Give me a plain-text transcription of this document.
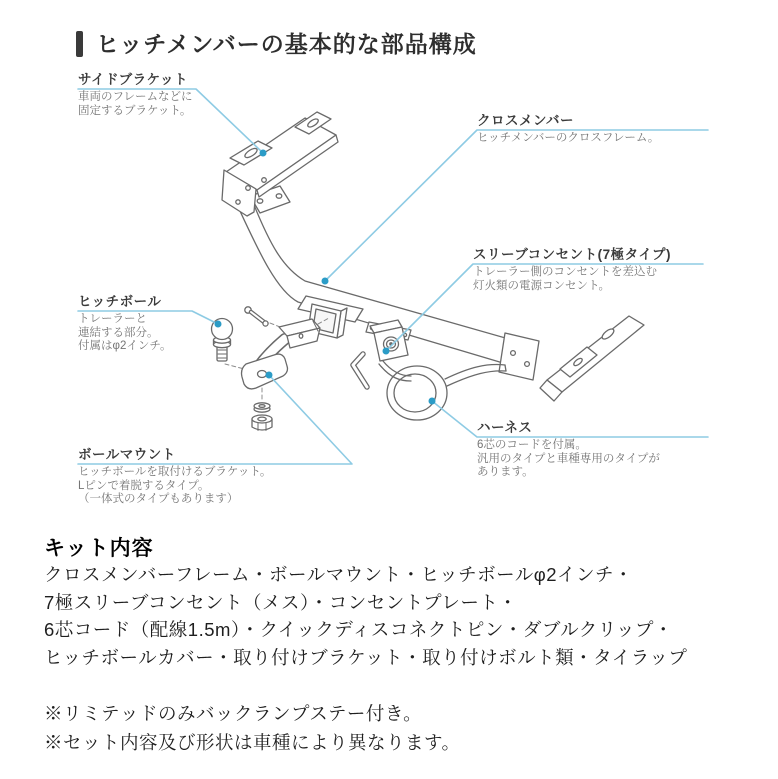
ヒッチメンバーの基本的な部品構成
サイドブラケット
車両のフレームなどに
固定するブラケット。
クロスメンバー
ヒッチメンバーのクロスフレーム。
スリーブコンセント(7極タイプ)
トレーラー側のコンセントを差込む
灯火類の電源コンセント。
ヒッチボール
トレーラーと
連結する部分。
付属はφ2インチ。
ハーネス
6芯のコードを付属。
汎用のタイプと車種専用のタイプが
あります。
ボールマウント
ヒッチボールを取付けるブラケット。
Lピンで着脱するタイプ。
（一体式のタイプもあります）
キット内容
クロスメンバーフレーム・ボールマウント・ヒッチボールφ2インチ・
7極スリーブコンセント（メス）・コンセントプレート・
6芯コード（配線1.5m）・クイックディスコネクトピン・ダブルクリップ・
ヒッチボールカバー・取り付けブラケット・取り付けボルト類・タイラップ
※リミテッドのみバックランプステー付き。
※セット内容及び形状は車種により異なります。
